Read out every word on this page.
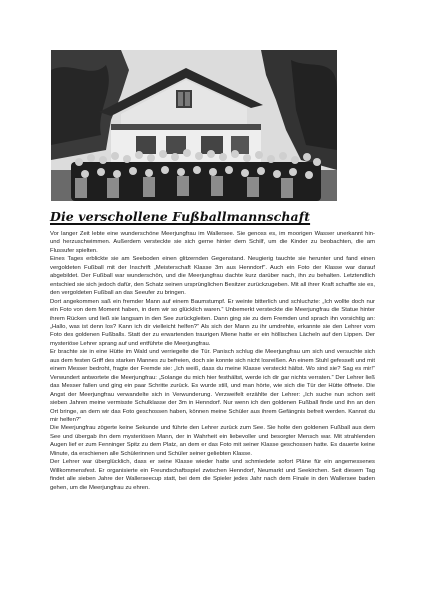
Die verschollene Fußballmannschaft

Vor langer Zeit lebte eine wunderschöne Meerjungfrau im Wallersee. Sie genoss es, im moorigen Wasser unerkannt hin- und herzuschwimmen. Außerdem versteckte sie sich gerne hinter dem Schilf, um die Kinder zu beobachten, die am Flussufer spielten.

Eines Tages erblickte sie am Seeboden einen glitzernden Gegenstand. Neugierig tauchte sie herunter und fand einen vergoldeten Fußball mit der Inschrift „Meisterschaft Klasse 3m aus Henndorf“. Auch ein Foto der Klasse war darauf abgebildet. Der Fußball war wunderschön, und die Meerjungfrau dachte kurz darüber nach, ihn zu behalten. Letztendlich entschied sie sich jedoch dafür, den Schatz seinen ursprünglichen Besitzer zurückzugeben. Mit all ihrer Kraft schaffte sie es, den vergoldeten Fußball an das Seeufer zu bringen.

Dort angekommen saß ein fremder Mann auf einem Baumstumpf. Er weinte bitterlich und schluchzte: „Ich wollte doch nur ein Foto von dem Moment haben, in dem wir so glücklich waren.“ Unbemerkt versteckte die Meerjungfrau die Statue hinter ihrem Rücken und ließ sie langsam in den See zurückgleiten. Dann ging sie zu dem Fremden und sprach ihn vorsichtig an: „Hallo, was ist denn los? Kann ich dir vielleicht helfen?“ Als sich der Mann zu ihr umdrehte, erkannte sie den Lehrer vom Foto des goldenen Fußballs. Statt der zu erwartenden traurigen Miene hatte er ein höllisches Lächeln auf den Lippen. Der mysteriöse Lehrer sprang auf und entführte die Meerjungfrau.

Er brachte sie in eine Hütte im Wald und verriegelte die Tür. Panisch schlug die Meerjungfrau um sich und versuchte sich aus dem festen Griff des starken Mannes zu befreien, doch sie konnte sich nicht losreißen. An einem Stuhl gefesselt und mit einem Messer bedroht, fragte der Fremde sie: „Ich weiß, dass du meine Klasse versteckt hältst. Wo sind sie? Sag es mir!“ Verwundert antwortete die Meerjungfrau: „Solange du mich hier festhältst, werde ich dir gar nichts verraten.“ Der Lehrer ließ das Messer fallen und ging ein paar Schritte zurück. Es wurde still, und man hörte, wie sich die Tür der Hütte öffnete. Die Angst der Meerjungfrau verwandelte sich in Verwunderung. Verzweifelt erzählte der Lehrer: „Ich suche nun schon seit sieben Jahren meine vermisste Schulklasse der 3m in Henndorf. Nur wenn ich den goldenen Fußball finde und ihn an den Ort bringe, an dem wir das Foto geschossen haben, können meine Schüler aus ihrem Gefängnis befreit werden. Kannst du mir helfen?“

Die Meerjungfrau zögerte keine Sekunde und führte den Lehrer zurück zum See. Sie holte den goldenen Fußball aus dem See und übergab ihn dem mysteriösen Mann, der in Wahrheit ein liebevoller und besorgter Mensch war. Mit strahlenden Augen lief er zum Fenninger Spitz zu dem Platz, an dem er das Foto mit seiner Klasse geschossen hatte. Es dauerte keine Minute, da erschienen alle Schülerinnen und Schüler seiner geliebten Klasse.

Der Lehrer war überglücklich, dass er seine Klasse wieder hatte und schmiedete sofort Pläne für ein angemessenes Willkommensfest. Er organisierte ein Freundschaftsspiel zwischen Henndorf, Neumarkt und Seekirchen. Seit diesem Tag findet alle sieben Jahre der Wallerseecup statt, bei dem die Spieler jedes Jahr nach dem Finale in den Wallersee baden gehen, um die Meerjungfrau zu ehren.
